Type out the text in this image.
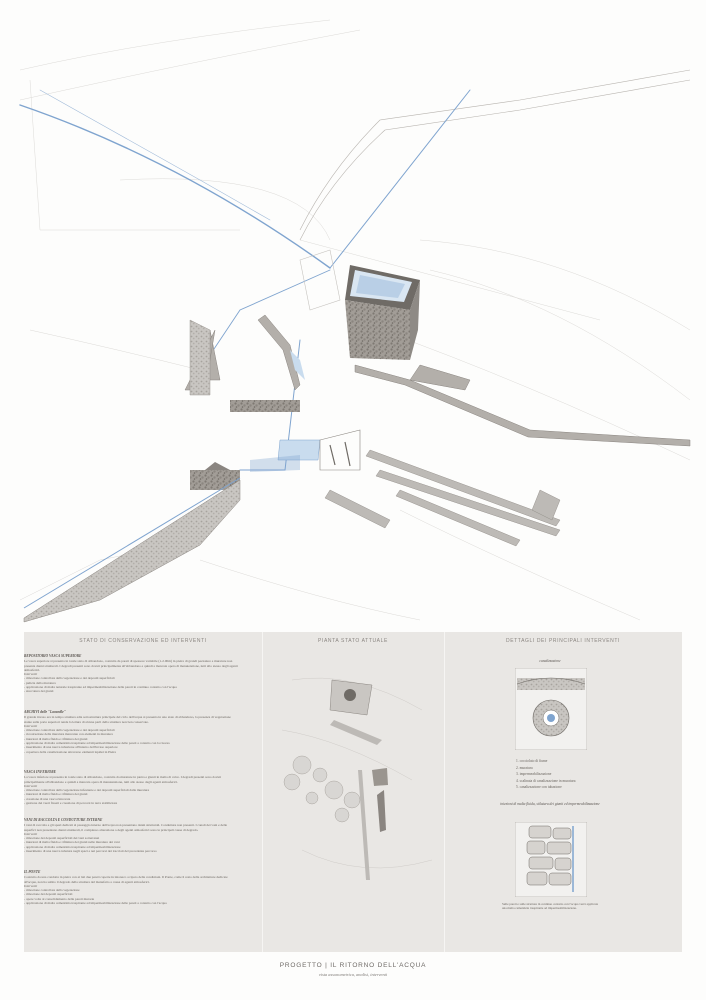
STATO DI CONSERVAZIONE ED INTERVENTI	PIANTA STATO ATTUALE	DETTAGLI DEI PRINCIPALI INTERVENTI
REPOSITORIO VASCA SUPERIORE

Le vasca superiore si presenta in totale stato di abbandono, costruita da pareti di spessore variabile (1-2.00m) in pietra di grandi pezzature e murature non presenta danni strutturali. I degradi presenti sono dovuti principalmente all'abbandono e quindi a mancata opera di manutenzione, tutti allo stesso degli agenti atmosferici.

Interventi

- rimozione controllata della vegetazione e dei depositi superficiali

- pulizia della muratura

- applicazione di malta naturale traspirante ad impermeabilizzazione delle pareti in continuo contatto con l'acqua

- stuccatura dei giunti

ARCHIVI delle "Lavandle"

Il grande invaso era in tempo struttura adia sottostruttura principale del ciclo dell'acqua si presenta in uno stato di abbandono, la presenza di vegetazione stante sulle porte superiori rende la lettura di alcune parti della struttura non ben conservate.

Interventi

- rimozione controllata della vegetazione e dei depositi superficiali

- ricostruzione della muratura mancante con elementi in muratura

- iniezioni di malta fluida e rifinitura dei giunti

- applicazione di malta cementizia traspirante ad impermeabilizzazione delle pareti a contatto con la risorsa

- inserimento di una nuova tubazione all'interno dell'invaso superiore

- copertura della canalizzazione attraverso elementi lapidei in Pietra

VASCA INFERIORE

La vasca inferiore si presenta in totale stato di abbandono, costruita da murature in pietra e giunti in malta di calce. I degradi presenti sono dovuti principalmente all'abbandono e quindi a mancata opera di manutenzione, tutti allo stesso degli agenti atmosferici.

Interventi

- rimozione controllata della vegetazione infestante e dei depositi superficiali dalla muratura

- iniezioni di malta fluida e rifinitura dei giunti

- creazione di una vasca rinnovata

- gestione dei vuoti fissati e creazione di percorsi in terra stabilizzata

VANI DI RACCOLTA E CONDUTTURE INTERNE

I vani di raccolta e gli spazi dedicati al passaggio interno dell'acqua non presentano danni strutturali. Condutture non presenti. I canali dei vani e delle superfici non presentano danni strutturali, il complesso alterazione a degli agenti atmosferici sono le principali cause di degrado.

Interventi

- rimozione dei depositi superficiali dei vani sotterranei

- iniezioni di malta fluida e rifinitura dei giunti nelle murature dei vani

- applicazione di malta cementizia traspirante ad impermeabilizzazione

- inserimento di una nuova tubatura negli spazi e nei percorsi dei tracciati del precedente percorso

IL PONTE

Costruito da una condotta in pietra con ai lati due pareti coperte in intonaco a riparo delle condizioni. Il Ponte, come il resto delle architetture dedicate all'acqua, non ha subito il degrado della struttura del manufatto a causa di agenti atmosferici.

Interventi

- rimozione controllata della vegetazione

- rimozione dei depositi superficiali

- opere volte al consolidamento delle pareti murarie

- applicazione di malta cementizia traspirante ad impermeabilizzazione delle pareti a contatto con l'acqua

canalizzazione
1. cocciolato di fiume
2. muratura
3. impermeabilizzazione
4. scalinata di canalizzazione in muratura
5. canalizzazione con tubazione
iniezioni di malta fluida, stilatura dei giunti ed impermeabilizzazione
Sulle pareti e sulle strutture in continuo contatto con l'acqua verrà applicata una malta cementizia traspirante ad impermeabilizzazione.
PROGETTO | IL RITORNO DELL'ACQUA
vista assonometrica, analisi, interventi
